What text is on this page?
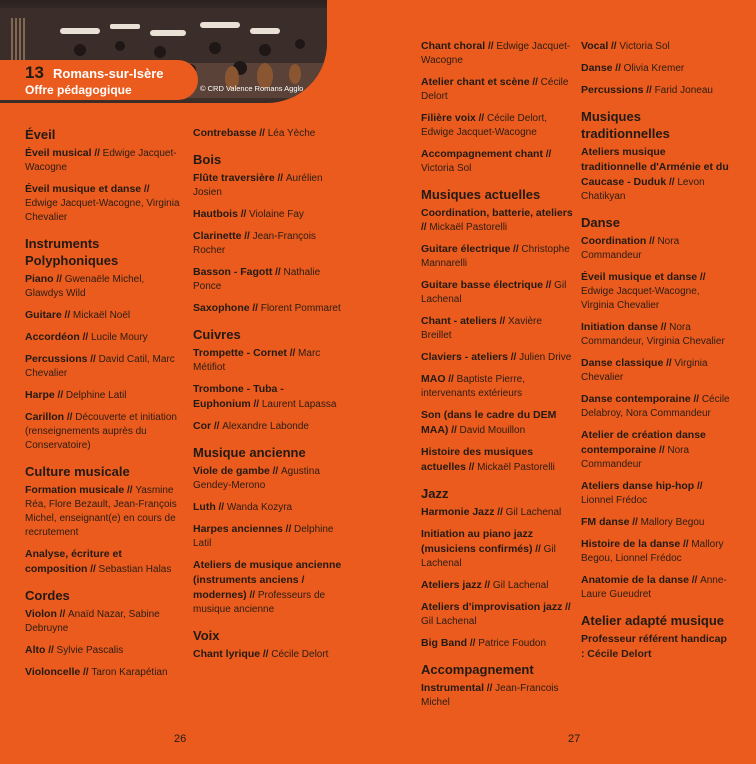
© CRD Valence Romans Agglo
13 Romans-sur-Isère
Offre pédagogique
Éveil
Éveil musical // Edwige Jacquet-Wacogne
Éveil musique et danse // Edwige Jacquet-Wacogne, Virginia Chevalier
Instruments Polyphoniques
Piano // Gwenaële Michel, Glawdys Wild
Guitare // Mickaël Noël
Accordéon // Lucile Moury
Percussions // David Catil, Marc Chevalier
Harpe // Delphine Latil
Carillon // Découverte et initiation (renseignements auprès du Conservatoire)
Culture musicale
Formation musicale // Yasmine Réa, Flore Bezault, Jean-François Michel, enseignant(e) en cours de recrutement
Analyse, écriture et composition // Sebastian Halas
Cordes
Violon // Anaïd Nazar, Sabine Debruyne
Alto // Sylvie Pascalis
Violoncelle // Taron Karapétian
Contrebasse // Léa Yèche
Bois
Flûte traversière // Aurélien Josien
Hautbois // Violaine Fay
Clarinette // Jean-François Rocher
Basson - Fagott // Nathalie Ponce
Saxophone // Florent Pommaret
Cuivres
Trompette - Cornet // Marc Métifiot
Trombone - Tuba - Euphonium // Laurent Lapassa
Cor // Alexandre Labonde
Musique ancienne
Viole de gambe // Agustina Gendey-Merono
Luth // Wanda Kozyra
Harpes anciennes // Delphine Latil
Ateliers de musique ancienne (instruments anciens / modernes) // Professeurs de musique ancienne
Voix
Chant lyrique // Cécile Delort
Chant choral // Edwige Jacquet-Wacogne
Atelier chant et scène // Cécile Delort
Filière voix // Cécile Delort, Edwige Jacquet-Wacogne
Accompagnement chant // Victoria Sol
Musiques actuelles
Coordination, batterie, ateliers // Mickaël Pastorelli
Guitare électrique // Christophe Mannarelli
Guitare basse électrique // Gil Lachenal
Chant - ateliers // Xavière Breillet
Claviers - ateliers // Julien Drive
MAO // Baptiste Pierre, intervenants extérieurs
Son (dans le cadre du DEM MAA) // David Mouillon
Histoire des musiques actuelles // Mickaël Pastorelli
Jazz
Harmonie Jazz // Gil Lachenal
Initiation au piano jazz (musiciens confirmés) // Gil Lachenal
Ateliers jazz // Gil Lachenal
Ateliers d'improvisation jazz // Gil Lachenal
Big Band // Patrice Foudon
Accompagnement
Instrumental // Jean-Francois Michel
Vocal // Victoria Sol
Danse // Olivia Kremer
Percussions // Farid Joneau
Musiques traditionnelles
Ateliers musique traditionnelle d'Arménie et du Caucase - Duduk // Levon Chatikyan
Danse
Coordination // Nora Commandeur
Éveil musique et danse // Edwige Jacquet-Wacogne, Virginia Chevalier
Initiation danse // Nora Commandeur, Virginia Chevalier
Danse classique // Virginia Chevalier
Danse contemporaine // Cécile Delabroy, Nora Commandeur
Atelier de création danse contemporaine // Nora Commandeur
Ateliers danse hip-hop // Lionnel Frédoc
FM danse // Mallory Begou
Histoire de la danse // Mallory Begou, Lionnel Frédoc
Anatomie de la danse // Anne-Laure Gueudret
Atelier adapté musique
Professeur référent handicap : Cécile Delort
26	27
